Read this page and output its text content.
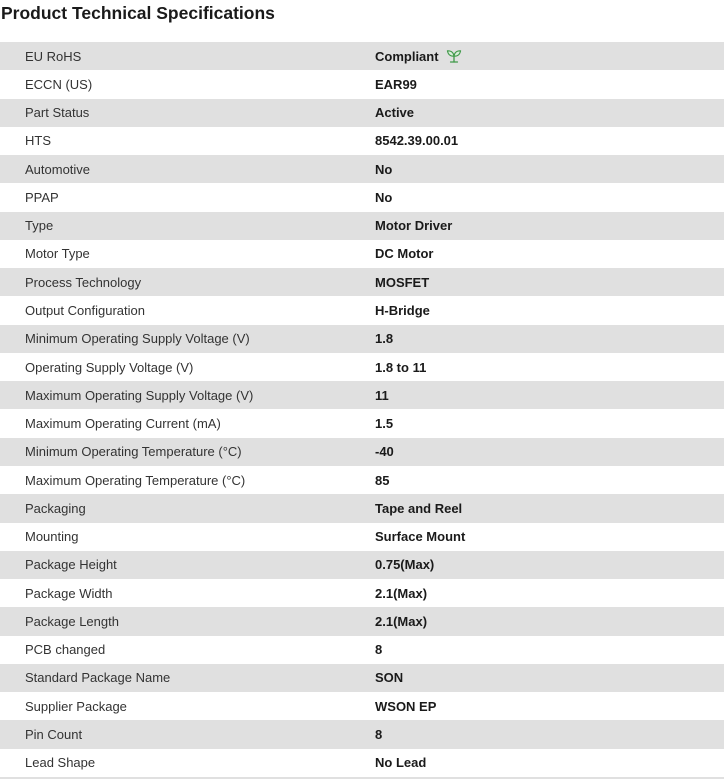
Product Technical Specifications
EU RoHS	Compliant
ECCN (US)	EAR99
Part Status	Active
HTS	8542.39.00.01
Automotive	No
PPAP	No
Type	Motor Driver
Motor Type	DC Motor
Process Technology	MOSFET
Output Configuration	H-Bridge
Minimum Operating Supply Voltage (V)	1.8
Operating Supply Voltage (V)	1.8 to 11
Maximum Operating Supply Voltage (V)	11
Maximum Operating Current (mA)	1.5
Minimum Operating Temperature (°C)	-40
Maximum Operating Temperature (°C)	85
Packaging	Tape and Reel
Mounting	Surface Mount
Package Height	0.75(Max)
Package Width	2.1(Max)
Package Length	2.1(Max)
PCB changed	8
Standard Package Name	SON
Supplier Package	WSON EP
Pin Count	8
Lead Shape	No Lead
